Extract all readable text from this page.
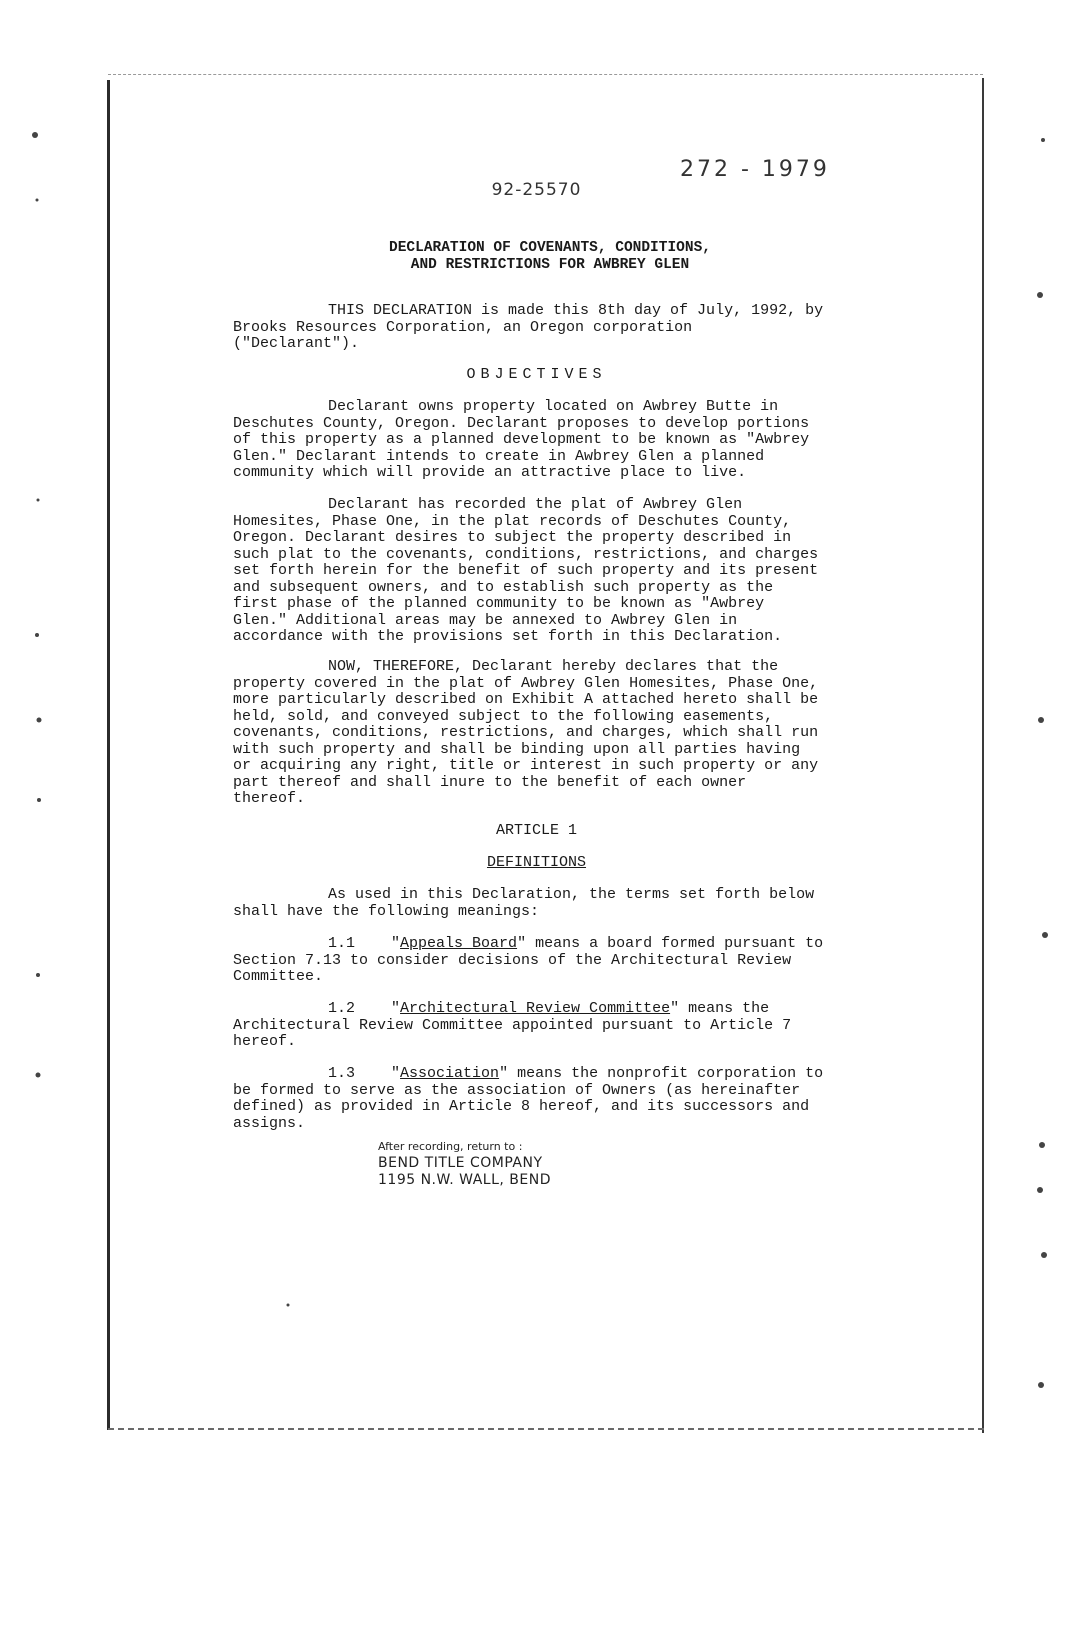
92-25570
272 - 1979
DECLARATION OF COVENANTS, CONDITIONS,
AND RESTRICTIONS FOR AWBREY GLEN
THIS DECLARATION is made this 8th day of July, 1992, by
Brooks Resources Corporation, an Oregon corporation
("Declarant").
OBJECTIVES
Declarant owns property located on Awbrey Butte in
Deschutes County, Oregon. Declarant proposes to develop portions
of this property as a planned development to be known as "Awbrey
Glen." Declarant intends to create in Awbrey Glen a planned
community which will provide an attractive place to live.
Declarant has recorded the plat of Awbrey Glen
Homesites, Phase One, in the plat records of Deschutes County,
Oregon. Declarant desires to subject the property described in
such plat to the covenants, conditions, restrictions, and charges
set forth herein for the benefit of such property and its present
and subsequent owners, and to establish such property as the
first phase of the planned community to be known as "Awbrey
Glen." Additional areas may be annexed to Awbrey Glen in
accordance with the provisions set forth in this Declaration.
NOW, THEREFORE, Declarant hereby declares that the
property covered in the plat of Awbrey Glen Homesites, Phase One,
more particularly described on Exhibit A attached hereto shall be
held, sold, and conveyed subject to the following easements,
covenants, conditions, restrictions, and charges, which shall run
with such property and shall be binding upon all parties having
or acquiring any right, title or interest in such property or any
part thereof and shall inure to the benefit of each owner
thereof.
ARTICLE 1
DEFINITIONS
As used in this Declaration, the terms set forth below
shall have the following meanings:
1.1 "Appeals Board" means a board formed pursuant to
Section 7.13 to consider decisions of the Architectural Review
Committee.
1.2 "Architectural Review Committee" means the
Architectural Review Committee appointed pursuant to Article 7
hereof.
1.3 "Association" means the nonprofit corporation to
be formed to serve as the association of Owners (as hereinafter
defined) as provided in Article 8 hereof, and its successors and
assigns.
After recording, return to :
BEND TITLE COMPANY
1195 N.W. WALL, BEND
